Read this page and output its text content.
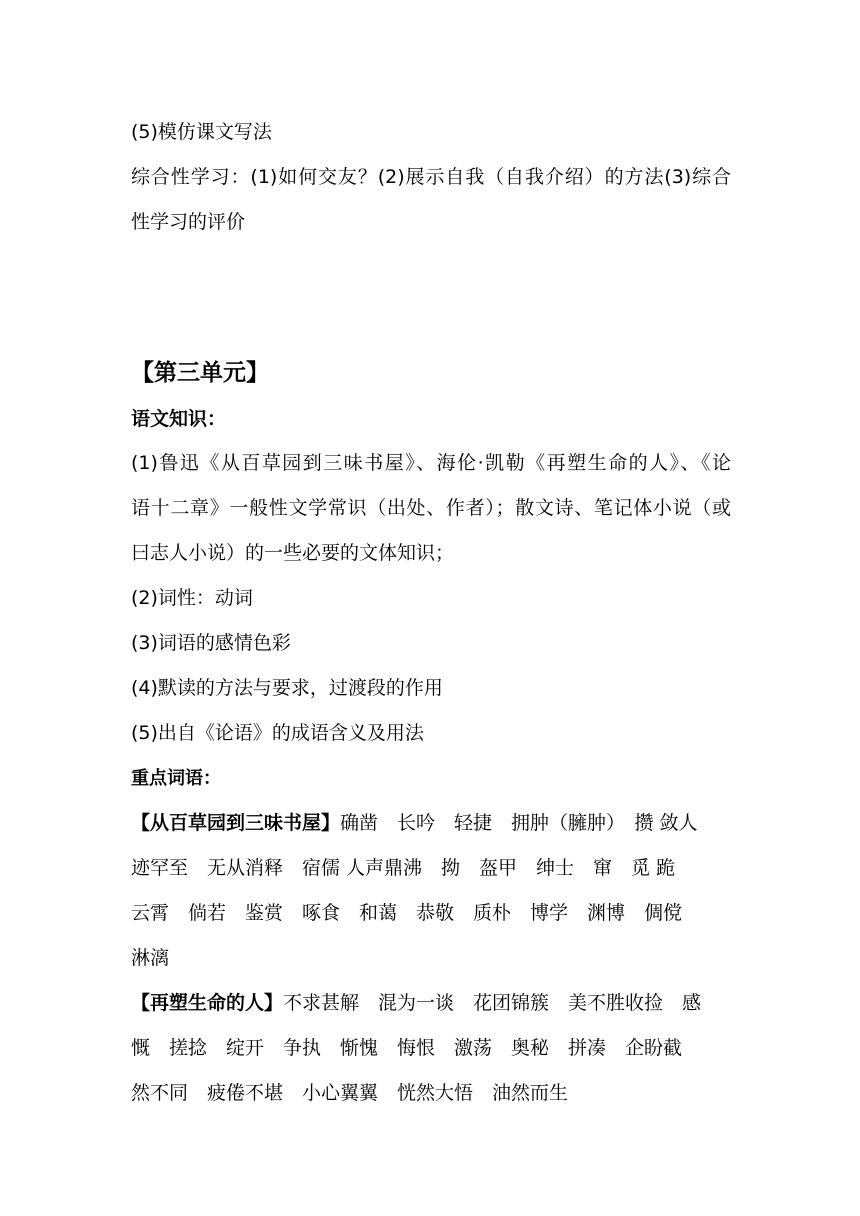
(5)模仿课文写法

综合性学习：(1)如何交友？(2)展示自我（自我介绍）的方法(3)综合

性学习的评价

【第三单元】

语文知识：

(1)鲁迅《从百草园到三味书屋》、海伦·凯勒《再塑生命的人》、《论

语十二章》一般性文学常识（出处、作者）；散文诗、笔记体小说（或

曰志人小说）的一些必要的文体知识；

(2)词性：动词

(3)词语的感情色彩

(4)默读的方法与要求，过渡段的作用

(5)出自《论语》的成语含义及用法

重点词语：

【从百草园到三味书屋】确凿　长吟　轻捷　拥肿（臃肿）　攒 敛人

迹罕至　无从消释　宿儒 人声鼎沸　拗　盔甲　绅士　窜　觅 跪

云霄　倘若　鉴赏　啄食　和蔼　恭敬　质朴　博学　渊博　倜傥

淋漓

【再塑生命的人】不求甚解　混为一谈　花团锦簇　美不胜收捡　感

慨　搓捻　绽开　争执　惭愧　悔恨　激荡　奥秘　拼凑　企盼截

然不同　疲倦不堪　小心翼翼　恍然大悟　油然而生
